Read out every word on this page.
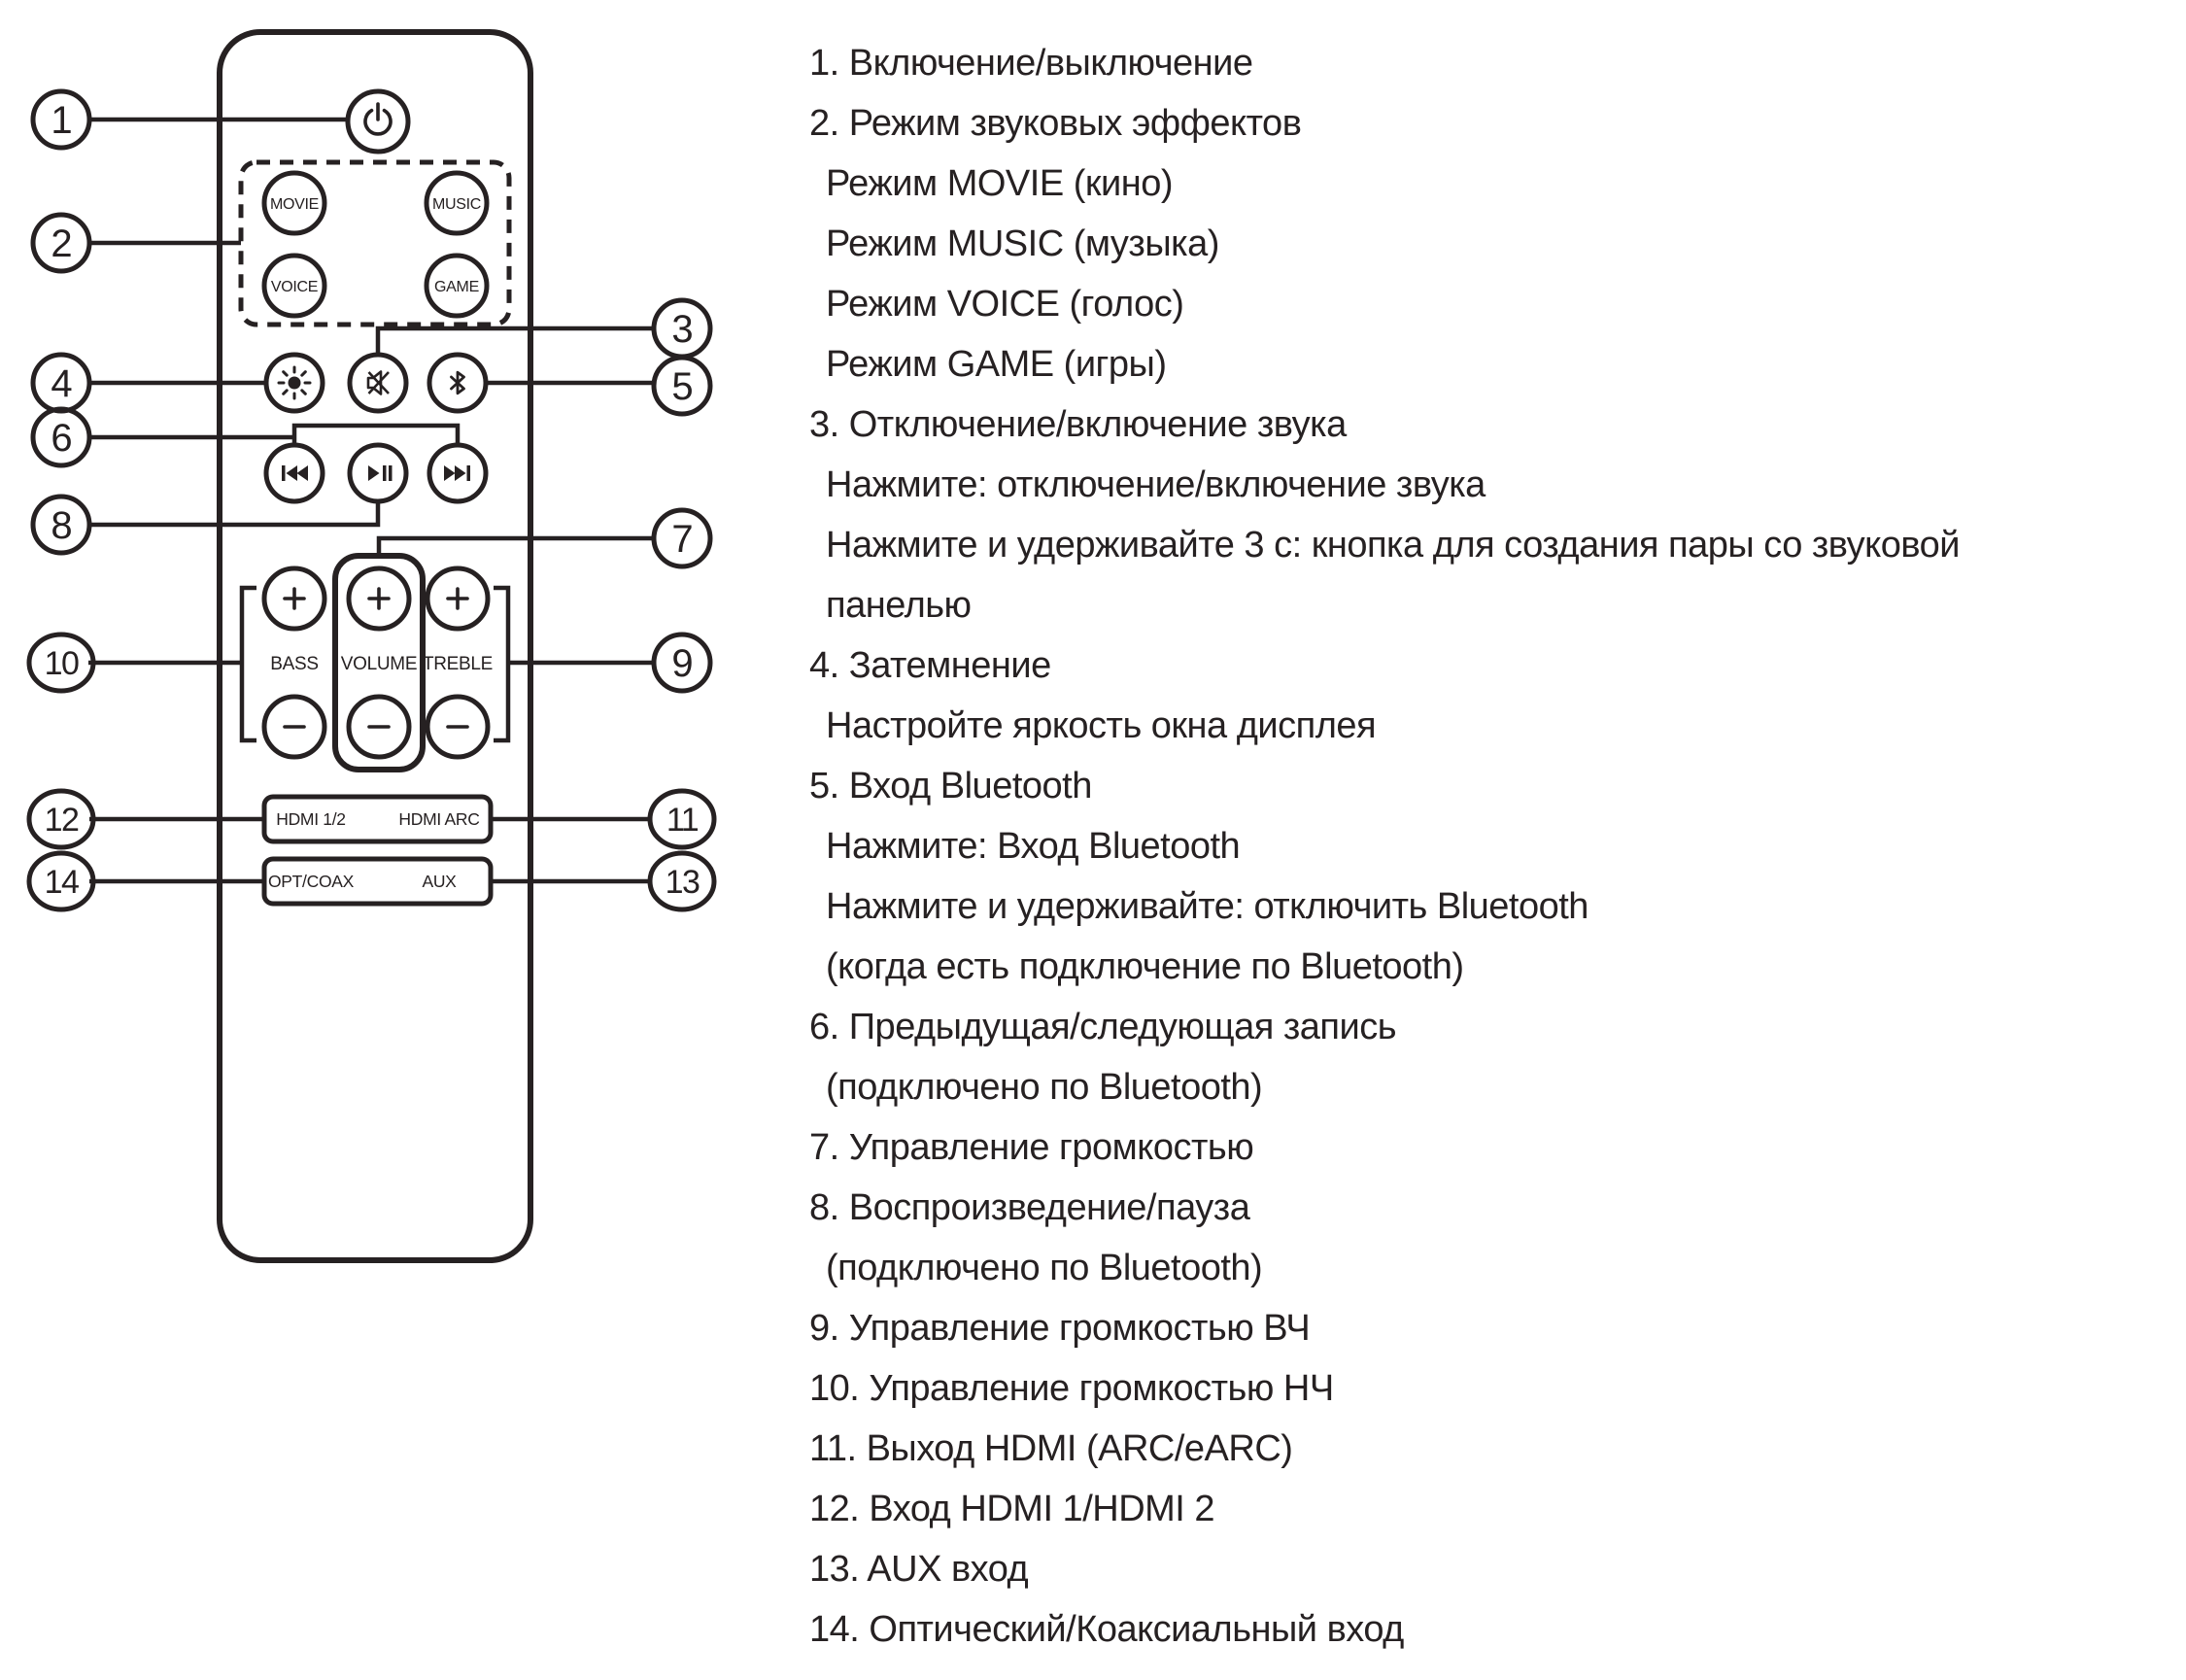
MOVIE	MUSIC
VOICE	GAME
BASS VOLUME TREBLE
HDMI 1/2	HDMI ARC
OPT/COAX	AUX
1
2
4
6
8
10
12
14
3
5
7
9
11
13
1. Включение/выключение
2. Режим звуковых эффектов
Режим MOVIE (кино)
Режим MUSIC (музыка)
Режим VOICE (голос)
Режим GAME (игры)
3. Отключение/включение звука
Нажмите: отключение/включение звука
Нажмите и удерживайте 3 с: кнопка для создания пары со звуковой
панелью
4. Затемнение
Настройте яркость окна дисплея
5. Вход Bluetooth
Нажмите: Вход Bluetooth
Нажмите и удерживайте: отключить Bluetooth
(когда есть подключение по Bluetooth)
6. Предыдущая/следующая запись
(подключено по Bluetooth)
7. Управление громкостью
8. Воспроизведение/пауза
(подключено по Bluetooth)
9. Управление громкостью ВЧ
10. Управление громкостью НЧ
11. Выход HDMI (ARC/eARC)
12. Вход HDMI 1/HDMI 2
13. AUX вход
14. Оптический/Коаксиальный вход
